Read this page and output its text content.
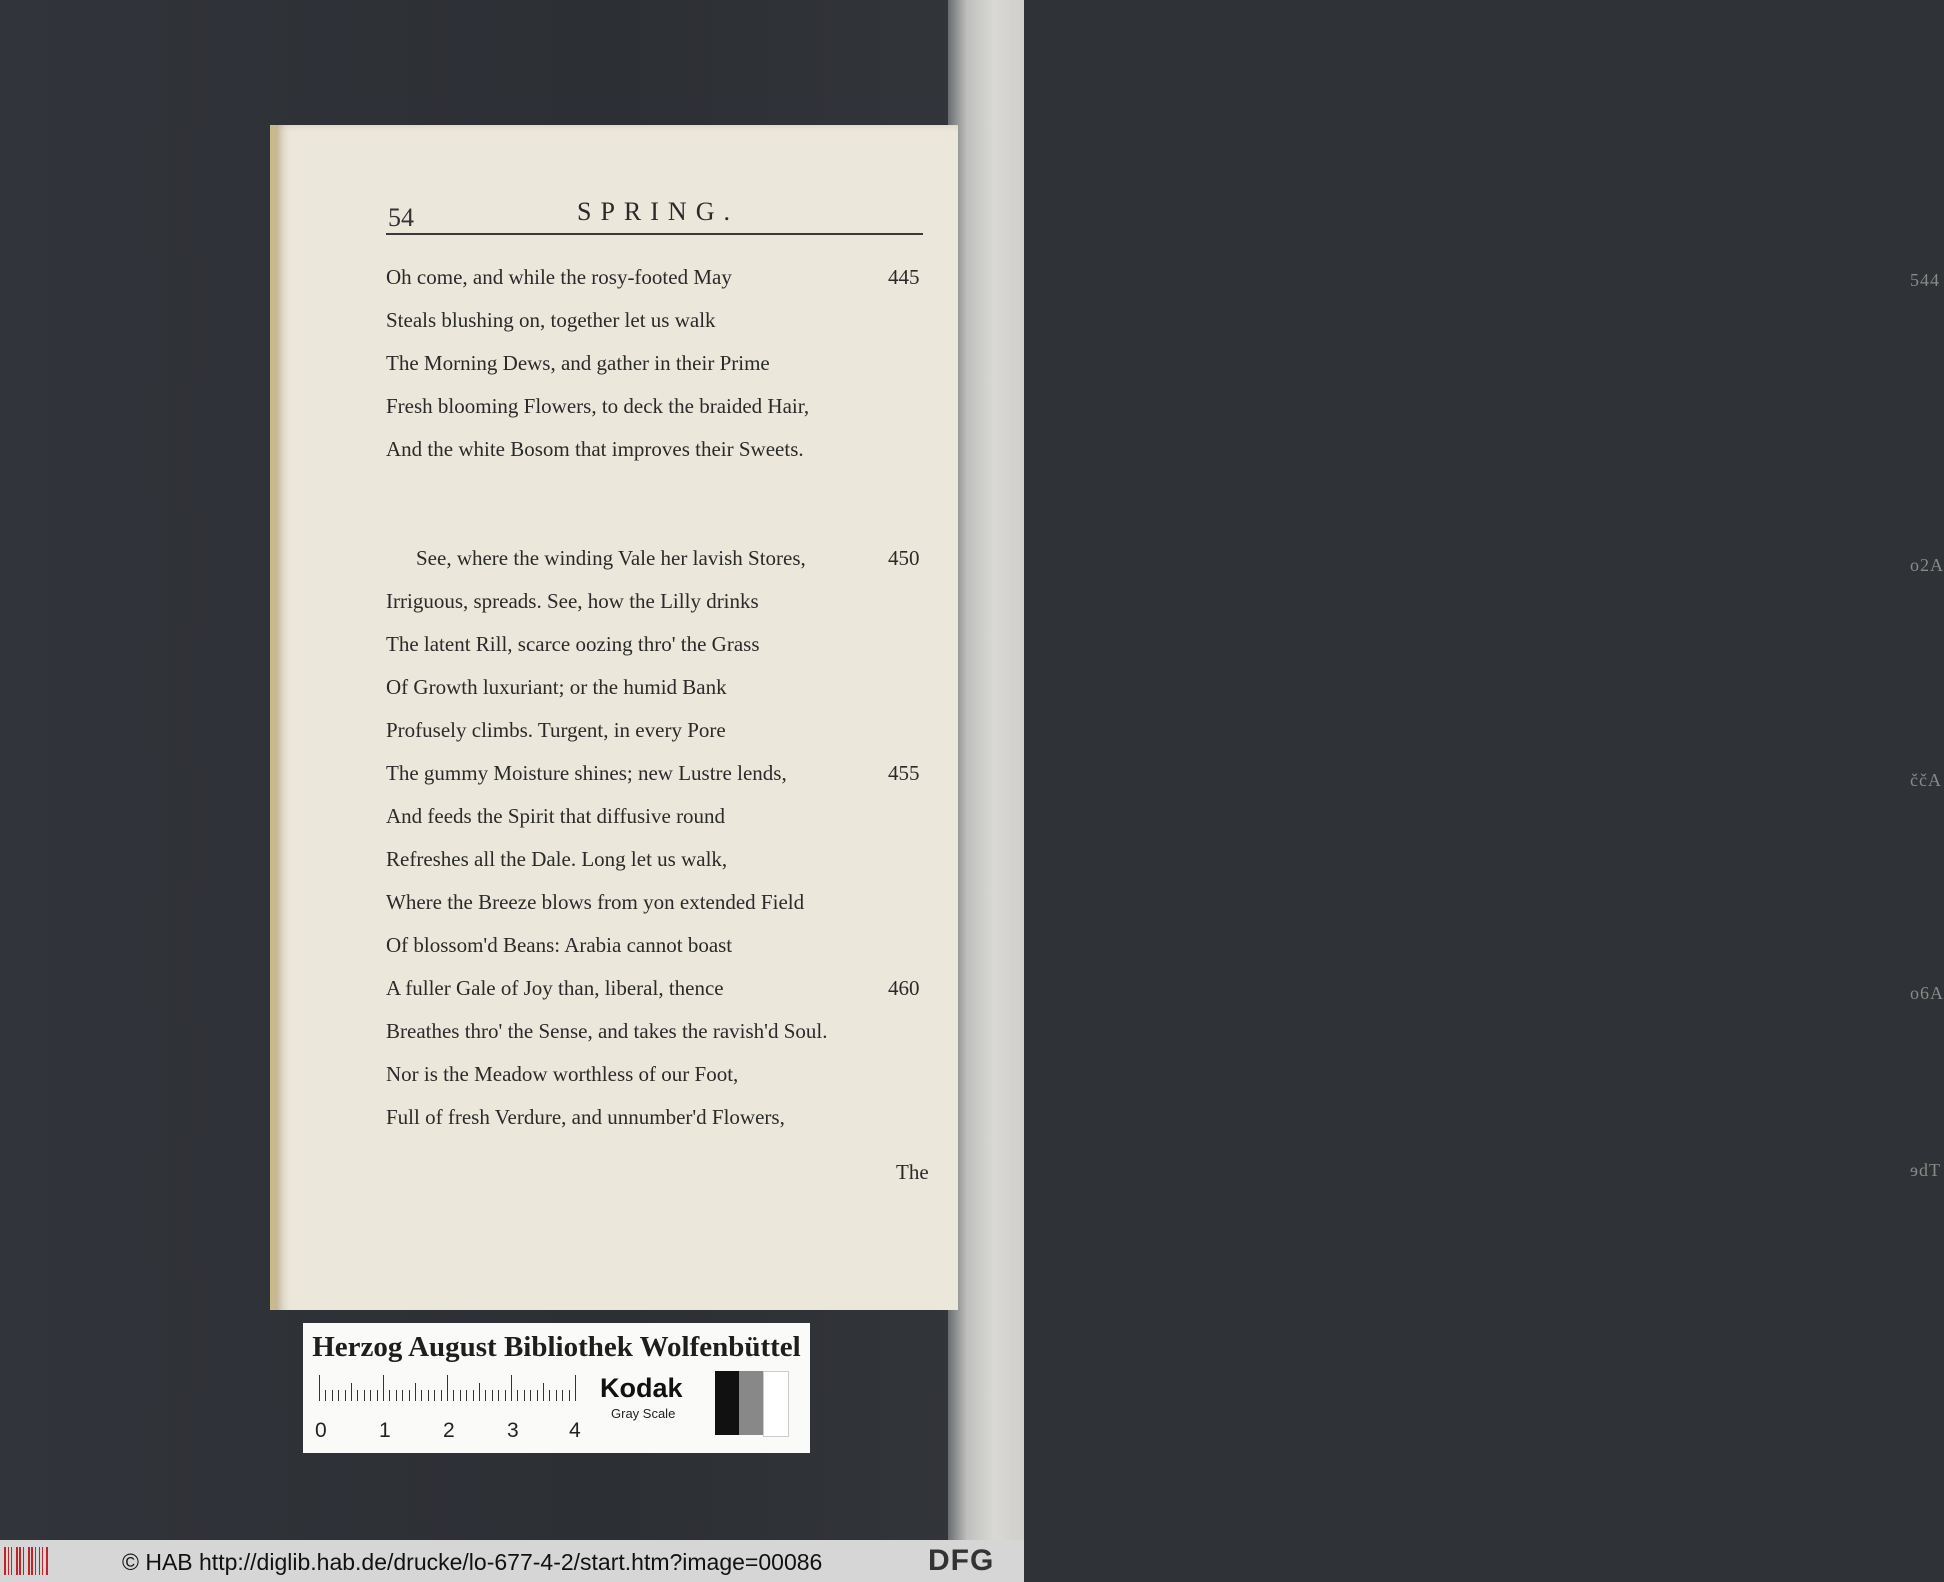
544
o2A
ččA
o6A
ɘdT
54	SPRING.
Oh come, and while the rosy-footed May	445
Steals blushing on, together let us walk
The Morning Dews, and gather in their Prime
Fresh blooming Flowers, to deck the braided Hair,
And the white Bosom that improves their Sweets.
See, where the winding Vale her lavish Stores,	450
Irriguous, spreads. See, how the Lilly drinks
The latent Rill, scarce oozing thro' the Grass
Of Growth luxuriant; or the humid Bank
Profusely climbs. Turgent, in every Pore
The gummy Moisture shines; new Lustre lends,	455
And feeds the Spirit that diffusive round
Refreshes all the Dale. Long let us walk,
Where the Breeze blows from yon extended Field
Of blossom'd Beans: Arabia cannot boast
A fuller Gale of Joy than, liberal, thence	460
Breathes thro' the Sense, and takes the ravish'd Soul.
Nor is the Meadow worthless of our Foot,
Full of fresh Verdure, and unnumber'd Flowers,
The
Herzog August Bibliothek Wolfenbüttel
0 1 2 3 4
Kodak
Gray Scale
© HAB http://diglib.hab.de/drucke/lo-677-4-2/start.htm?image=00086	DFG
